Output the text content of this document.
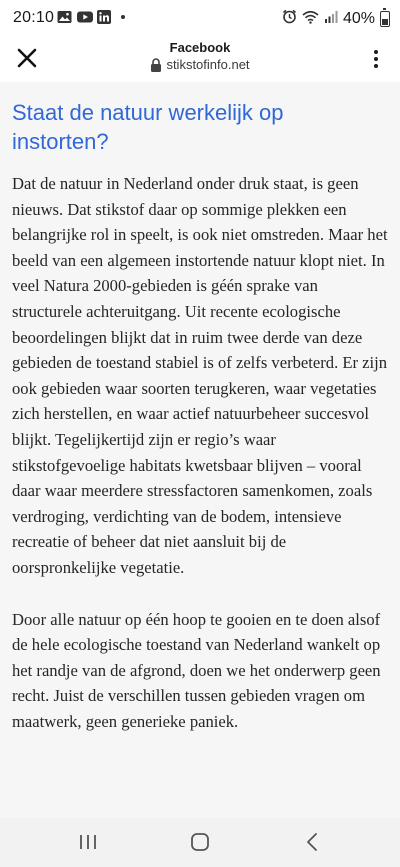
20:10	40%
Facebook
stikstofinfo.net
Staat de natuur werkelijk op instorten?

Dat de natuur in Nederland onder druk staat, is geen nieuws. Dat stikstof daar op sommige plekken een belangrijke rol in speelt, is ook niet omstreden. Maar het beeld van een algemeen instortende natuur klopt niet. In veel Natura 2000-gebieden is géén sprake van structurele achteruitgang. Uit recente ecologische beoordelingen blijkt dat in ruim twee derde van deze gebieden de toestand stabiel is of zelfs verbeterd. Er zijn ook gebieden waar soorten terugkeren, waar vegetaties zich herstellen, en waar actief natuurbeheer succesvol blijkt. Tegelijkertijd zijn er regio’s waar stikstofgevoelige habitats kwetsbaar blijven – vooral daar waar meerdere stressfactoren samenkomen, zoals verdroging, verdichting van de bodem, intensieve recreatie of beheer dat niet aansluit bij de oorspronkelijke vegetatie.

Door alle natuur op één hoop te gooien en te doen alsof de hele ecologische toestand van Nederland wankelt op het randje van de afgrond, doen we het onderwerp geen recht. Juist de verschillen tussen gebieden vragen om maatwerk, geen generieke paniek.
